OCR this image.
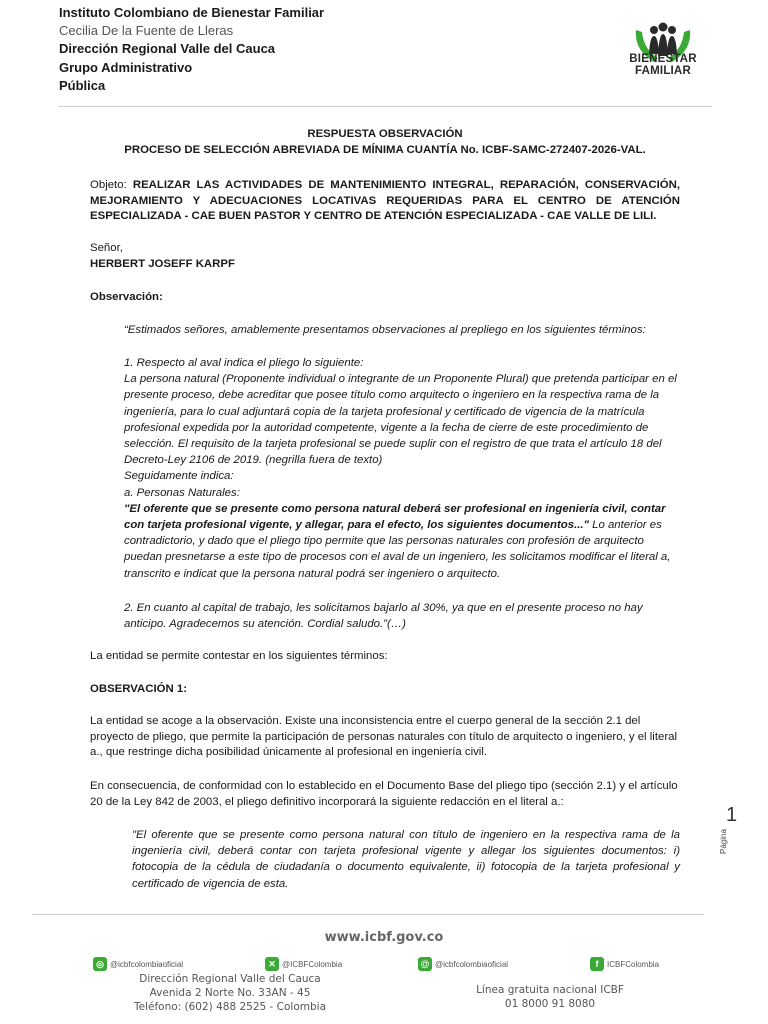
Instituto Colombiano de Bienestar Familiar
Cecilia De la Fuente de Lleras
Dirección Regional Valle del Cauca
Grupo Administrativo
Pública
BIENESTAR
FAMILIAR
RESPUESTA OBSERVACIÓN
PROCESO DE SELECCIÓN ABREVIADA DE MÍNIMA CUANTÍA No. ICBF-SAMC-272407-2026-VAL.
Objeto: REALIZAR LAS ACTIVIDADES DE MANTENIMIENTO INTEGRAL, REPARACIÓN, CONSERVACIÓN, MEJORAMIENTO Y ADECUACIONES LOCATIVAS REQUERIDAS PARA EL CENTRO DE ATENCIÓN ESPECIALIZADA - CAE BUEN PASTOR Y CENTRO DE ATENCIÓN ESPECIALIZADA - CAE VALLE DE LILI.
Señor,
HERBERT JOSEFF KARPF
Observación:
“Estimados señores, amablemente presentamos observaciones al prepliego en los siguientes términos:
1. Respecto al aval indica el pliego lo siguiente:
La persona natural (Proponente individual o integrante de un Proponente Plural) que pretenda participar en el presente proceso, debe acreditar que posee título como arquitecto o ingeniero en la respectiva rama de la ingeniería, para lo cual adjuntará copia de la tarjeta profesional y certificado de vigencia de la matrícula profesional expedida por la autoridad competente, vigente a la fecha de cierre de este procedimiento de selección. El requisito de la tarjeta profesional se puede suplir con el registro de que trata el artículo 18 del Decreto-Ley 2106 de 2019. (negrilla fuera de texto)
Seguidamente indica:
a. Personas Naturales:
"El oferente que se presente como persona natural deberá ser profesional en ingeniería civil, contar con tarjeta profesional vigente, y allegar, para el efecto, los siguientes documentos..." Lo anterior es contradictorio, y dado que el pliego tipo permite que las personas naturales con profesión de arquitecto puedan presnetarse a este tipo de procesos con el aval de un ingeniero, les solicitamos modificar el literal a, transcrito e indicat que la persona natural podrá ser ingeniero o arquitecto.
2. En cuanto al capital de trabajo, les solicitamos bajarlo al 30%, ya que en el presente proceso no hay anticipo. Agradecemos su atención. Cordial saludo.”(…)
La entidad se permite contestar en los siguientes términos:
OBSERVACIÓN 1:
La entidad se acoge a la observación. Existe una inconsistencia entre el cuerpo general de la sección 2.1 del proyecto de pliego, que permite la participación de personas naturales con título de arquitecto o ingeniero, y el literal a., que restringe dicha posibilidad únicamente al profesional en ingeniería civil.
En consecuencia, de conformidad con lo establecido en el Documento Base del pliego tipo (sección 2.1) y el artículo 20 de la Ley 842 de 2003, el pliego definitivo incorporará la siguiente redacción en el literal a.:
"El oferente que se presente como persona natural con título de ingeniero en la respectiva rama de la ingeniería civil, deberá contar con tarjeta profesional vigente y allegar los siguientes documentos: i) fotocopia de la cédula de ciudadanía o documento equivalente, ii) fotocopia de la tarjeta profesional y certificado de vigencia de esta.
Página
1
www.icbf.gov.co
◎ @icbfcolombiaoficial	✕ @ICBFColombia	@ @icbfcolombiaoficial	f	ICBFColombia
Dirección Regional Valle del Cauca
Avenida 2 Norte No. 33AN - 45
Teléfono: (602) 488 2525 - Colombia
Línea gratuita nacional ICBF
01 8000 91 8080
